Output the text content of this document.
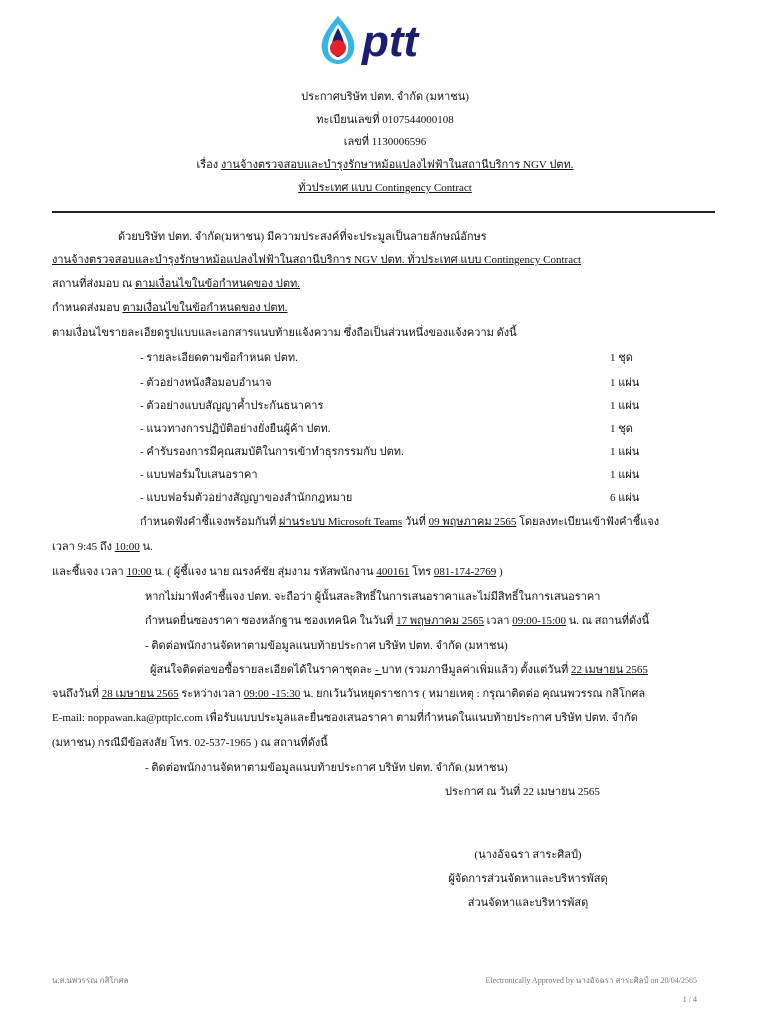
ptt
ประกาศบริษัท ปตท. จำกัด (มหาชน)
ทะเบียนเลขที่ 0107544000108
เลขที่ 1130006596
เรื่อง งานจ้างตรวจสอบและบำรุงรักษาหม้อแปลงไฟฟ้าในสถานีบริการ NGV ปตท.
ทั่วประเทศ แบบ Contingency Contract
ด้วยบริษัท ปตท. จำกัด(มหาชน) มีความประสงค์ที่จะประมูลเป็นลายลักษณ์อักษร
งานจ้างตรวจสอบและบำรุงรักษาหม้อแปลงไฟฟ้าในสถานีบริการ NGV ปตท. ทั่วประเทศ แบบ Contingency Contract
สถานที่ส่งมอบ ณ ตามเงื่อนไขในข้อกำหนดของ ปตท.
กำหนดส่งมอบ ตามเงื่อนไขในข้อกำหนดของ ปตท.
ตามเงื่อนไขรายละเอียดรูปแบบและเอกสารแนบท้ายแจ้งความ ซึ่งถือเป็นส่วนหนึ่งของแจ้งความ ดังนี้
- รายละเอียดตามข้อกำหนด ปตท.	1 ชุด
- ตัวอย่างหนังสือมอบอำนาจ	1 แผ่น
- ตัวอย่างแบบสัญญาค้ำประกันธนาคาร	1 แผ่น
- แนวทางการปฏิบัติอย่างยั่งยืนผู้ค้า ปตท.	1 ชุด
- คำรับรองการมีคุณสมบัติในการเข้าทำธุรกรรมกับ ปตท.	1 แผ่น
- แบบฟอร์มใบเสนอราคา	1 แผ่น
- แบบฟอร์มตัวอย่างสัญญาของสำนักกฎหมาย	6 แผ่น
กำหนดฟังคำชี้แจงพร้อมกันที่ ผ่านระบบ Microsoft Teams วันที่ 09 พฤษภาคม 2565 โดยลงทะเบียนเข้าฟังคำชี้แจง
เวลา 9:45 ถึง 10:00 น.
และชี้แจง เวลา 10:00 น. ( ผู้ชี้แจง นาย ณรงค์ชัย สุ่มงาม รหัสพนักงาน 400161 โทร 081-174-2769 )
หากไม่มาฟังคำชี้แจง ปตท. จะถือว่า ผู้นั้นสละสิทธิ์ในการเสนอราคาและไม่มีสิทธิ์ในการเสนอราคา
กำหนดยื่นซองราคา ซองหลักฐาน ซองเทคนิค ในวันที่ 17 พฤษภาคม 2565 เวลา 09:00-15:00 น. ณ สถานที่ดังนี้
- ติดต่อพนักงานจัดหาตามข้อมูลแนบท้ายประกาศ บริษัท ปตท. จำกัด (มหาชน)
ผู้สนใจติดต่อขอซื้อรายละเอียดได้ในราคาชุดละ - บาท (รวมภาษีมูลค่าเพิ่มแล้ว) ตั้งแต่วันที่ 22 เมษายน 2565
จนถึงวันที่ 28 เมษายน 2565 ระหว่างเวลา 09:00 -15:30 น. ยกเว้นวันหยุดราชการ ( หมายเหตุ : กรุณาติดต่อ คุณนพวรรณ กสิโกศล
E-mail: noppawan.ka@pttplc.com เพื่อรับแบบประมูลและยื่นซองเสนอราคา ตามที่กำหนดในแนบท้ายประกาศ บริษัท ปตท. จำกัด
(มหาชน) กรณีมีข้อสงสัย โทร. 02-537-1965 ) ณ สถานที่ดังนี้
- ติดต่อพนักงานจัดหาตามข้อมูลแนบท้ายประกาศ บริษัท ปตท. จำกัด (มหาชน)
ประกาศ ณ วันที่ 22 เมษายน 2565
(นางอัจฉรา สาระศิลป์)
ผู้จัดการส่วนจัดหาและบริหารพัสดุ
ส่วนจัดหาและบริหารพัสดุ
น.ส.นพวรรณ กสิโกศล	Electronically Approved by นางอัจฉรา สาระศิลป์ on 20/04/2565
1 / 4
